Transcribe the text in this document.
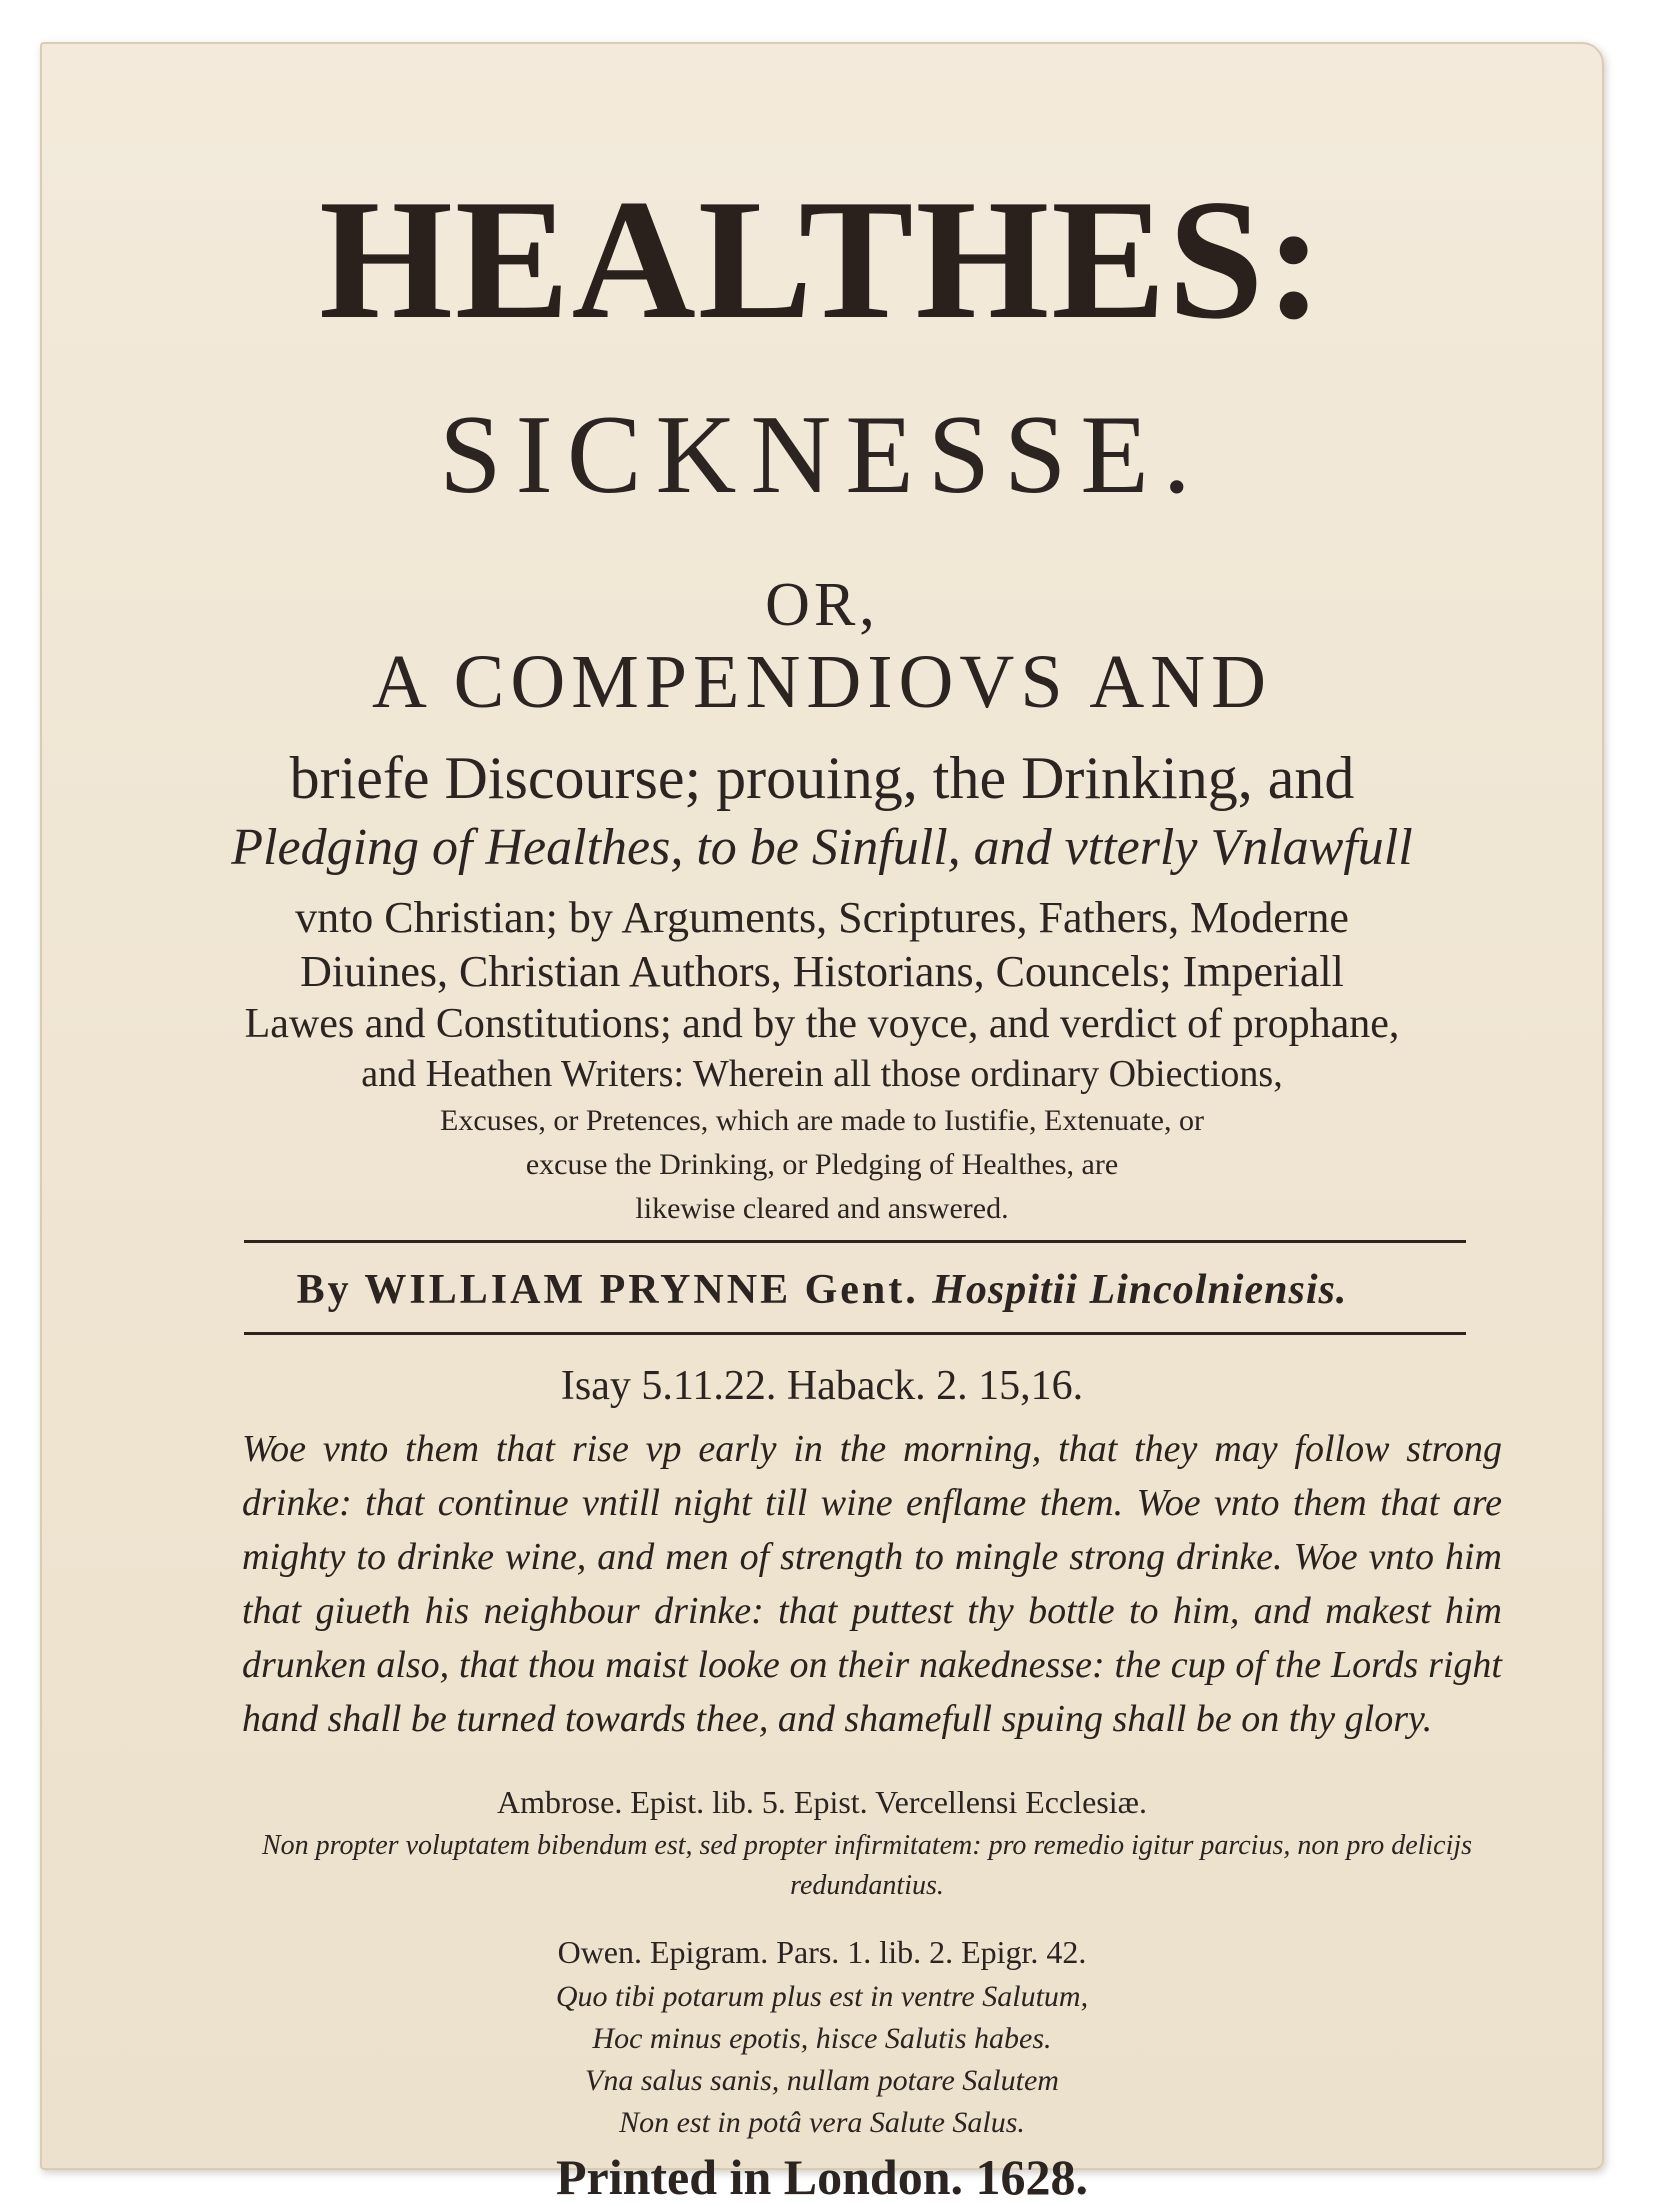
HEALTHES:
SICKNESSE.
OR,
A COMPENDIOVS AND
briefe Discourse; prouing, the Drinking, and
Pledging of Healthes, to be Sinfull, and vtterly Vnlawfull
vnto Christian; by Arguments, Scriptures, Fathers, Moderne
Diuines, Christian Authors, Historians, Councels; Imperiall
Lawes and Constitutions; and by the voyce, and verdict of prophane,
and Heathen Writers: Wherein all those ordinary Obiections,
Excuses, or Pretences, which are made to Iustifie, Extenuate, or
excuse the Drinking, or Pledging of Healthes, are
likewise cleared and answered.
By WILLIAM PRYNNE Gent. Hospitii Lincolniensis.
Isay 5.11.22. Haback. 2. 15,16.
Woe vnto them that rise vp early in the morning, that they may follow strong drinke: that continue vntill night till wine enflame them. Woe vnto them that are mighty to drinke wine, and men of strength to mingle strong drinke. Woe vnto him that giueth his neighbour drinke: that puttest thy bottle to him, and makest him drunken also, that thou maist looke on their nakednesse: the cup of the Lords right hand shall be turned towards thee, and shamefull spuing shall be on thy glory.
Ambrose. Epist. lib. 5. Epist. Vercellensi Ecclesiæ.
Non propter voluptatem bibendum est, sed propter infirmitatem: pro remedio igitur parcius, non pro delicijs redundantius.
Owen. Epigram. Pars. 1. lib. 2. Epigr. 42.
Quo tibi potarum plus est in ventre Salutum,
Hoc minus epotis, hisce Salutis habes.
Vna salus sanis, nullam potare Salutem
Non est in potâ vera Salute Salus.
Printed in London. 1628.
